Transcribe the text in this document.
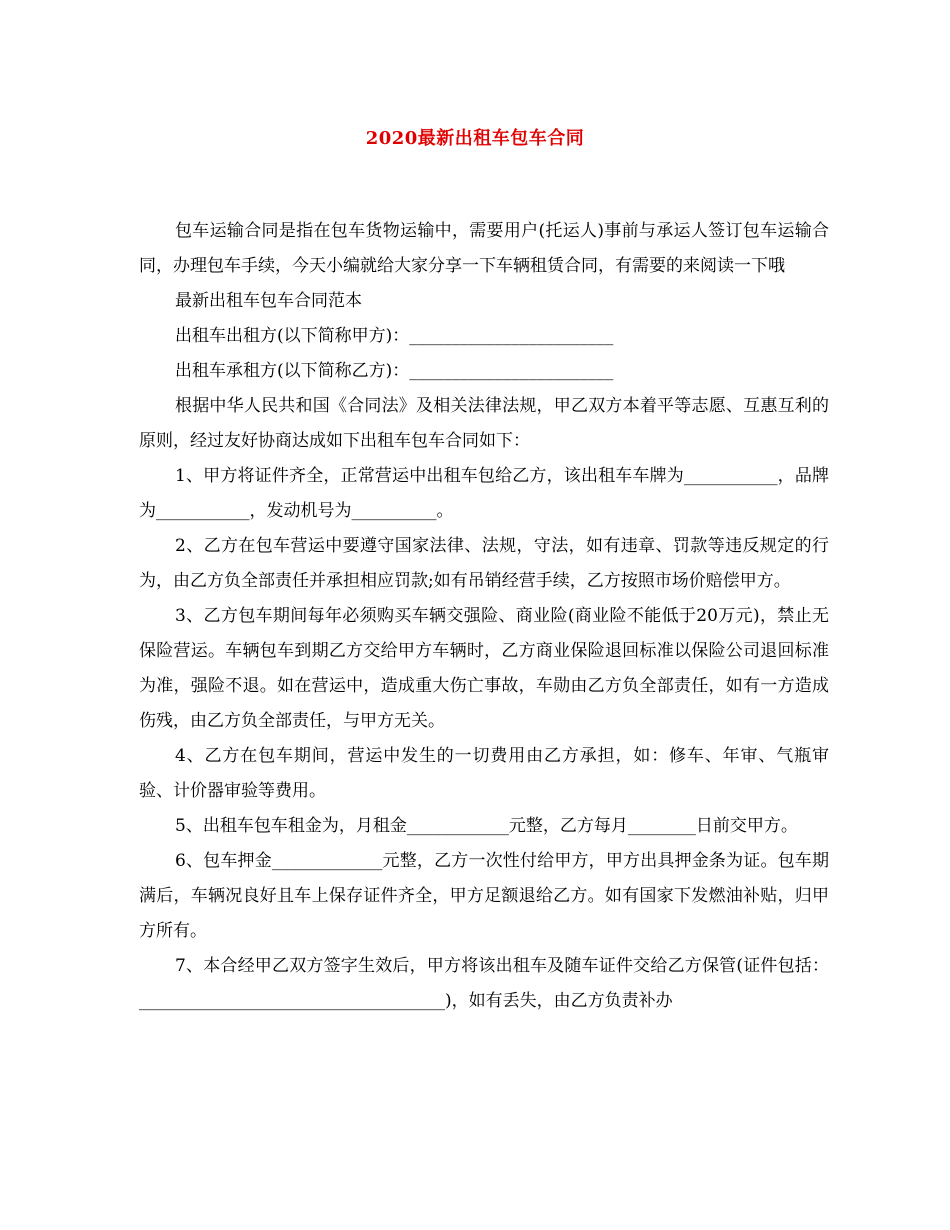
2020最新出租车包车合同

包车运输合同是指在包车货物运输中，需要用户(托运人)事前与承运人签订包车运输合同，办理包车手续，今天小编就给大家分享一下车辆租赁合同，有需要的来阅读一下哦

最新出租车包车合同范本

出租车出租方(以下简称甲方)：________________________

出租车承租方(以下简称乙方)：________________________

根据中华人民共和国《合同法》及相关法律法规，甲乙双方本着平等志愿、互惠互利的原则，经过友好协商达成如下出租车包车合同如下：

1、甲方将证件齐全，正常营运中出租车包给乙方，该出租车车牌为___________，品牌为___________，发动机号为__________。

2、乙方在包车营运中要遵守国家法律、法规，守法，如有违章、罚款等违反规定的行为，由乙方负全部责任并承担相应罚款;如有吊销经营手续，乙方按照市场价赔偿甲方。

3、乙方包车期间每年必须购买车辆交强险、商业险(商业险不能低于20万元)，禁止无保险营运。车辆包车到期乙方交给甲方车辆时，乙方商业保险退回标准以保险公司退回标准为准，强险不退。如在营运中，造成重大伤亡事故，车勋由乙方负全部责任，如有一方造成伤残，由乙方负全部责任，与甲方无关。

4、乙方在包车期间，营运中发生的一切费用由乙方承担，如：修车、年审、气瓶审验、计价器审验等费用。

5、出租车包车租金为，月租金____________元整，乙方每月________日前交甲方。

6、包车押金_____________元整，乙方一次性付给甲方，甲方出具押金条为证。包车期满后，车辆况良好且车上保存证件齐全，甲方足额退给乙方。如有国家下发燃油补贴，归甲方所有。

7、本合经甲乙双方签字生效后，甲方将该出租车及随车证件交给乙方保管(证件包括： ____________________________________)，如有丢失，由乙方负责补办
